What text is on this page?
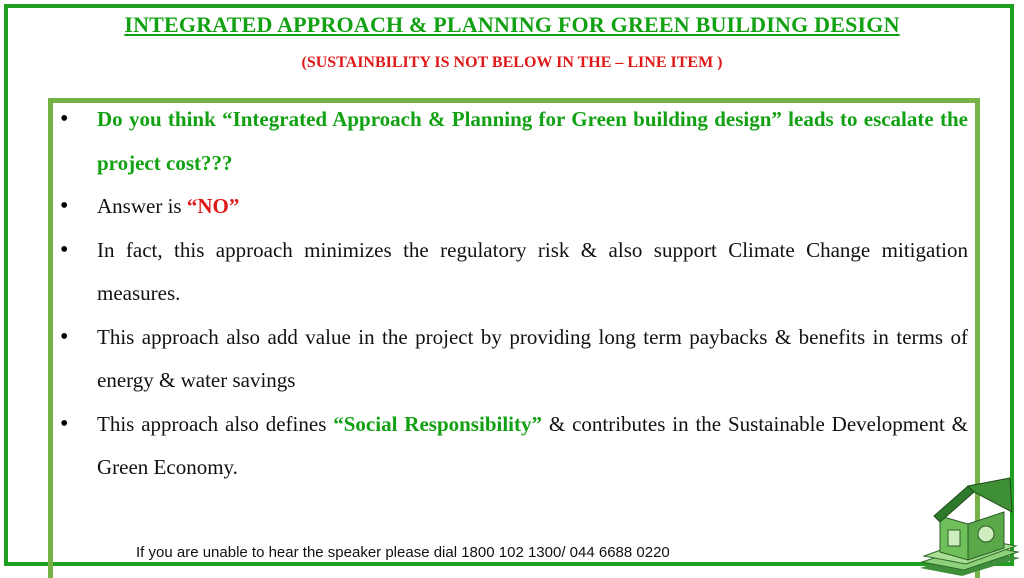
INTEGRATED APPROACH & PLANNING FOR GREEN BUILDING DESIGN
(SUSTAINBILITY IS NOT BELOW IN THE – LINE ITEM )
• Do you think “Integrated Approach & Planning for Green building design” leads to escalate the project cost???
• Answer is “NO”
• In fact, this approach minimizes the regulatory risk & also support Climate Change mitigation measures.
• This approach also add value in the project by providing long term paybacks & benefits in terms of energy & water savings
• This approach also defines “Social Responsibility” & contributes in the Sustainable Development & Green Economy.
If you are unable to hear the speaker please dial 1800 102 1300/ 044 6688 0220
